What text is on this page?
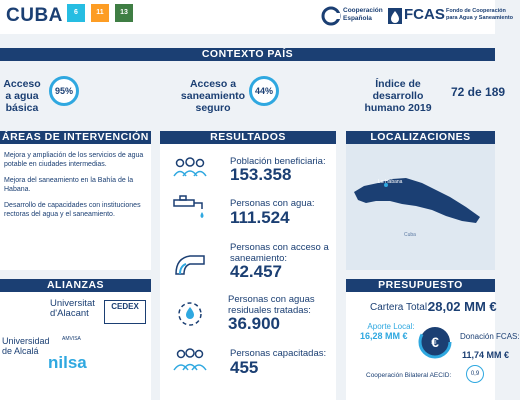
CUBA	6	11	13	Cooperación
Española	FCAS Fondo de Cooperación
para Agua y Saneamiento
CONTEXTO PAÍS
Acceso a agua básica
95%
Acceso a saneamiento seguro
44%
Índice de desarrollo humano 2019
72 de 189
ÁREAS DE INTERVENCIÓN
Mejora y ampliación de los servicios de agua potable en ciudades intermedias.
Mejora del saneamiento en la Bahía de la Habana.
Desarrollo de capacidades con instituciones rectoras del agua y el saneamiento.
RESULTADOS
Población beneficiaria:
153.358
Personas con agua:
111.524
Personas con acceso a saneamiento:
42.457
Personas con aguas residuales tratadas:
36.900
Personas capacitadas:
455
LOCALIZACIONES
La Habana
Cuba
ALIANZAS
Universitat d'Alacant
CEDEX
Universidad de Alcalá
nilsa
AMVISA
PRESUPUESTO
Cartera Total:
28,02 MM €
Aporte Local:
16,28 MM €	€	Donación FCAS:
11,74 MM €
Cooperación Bilateral AECID:	0,9
